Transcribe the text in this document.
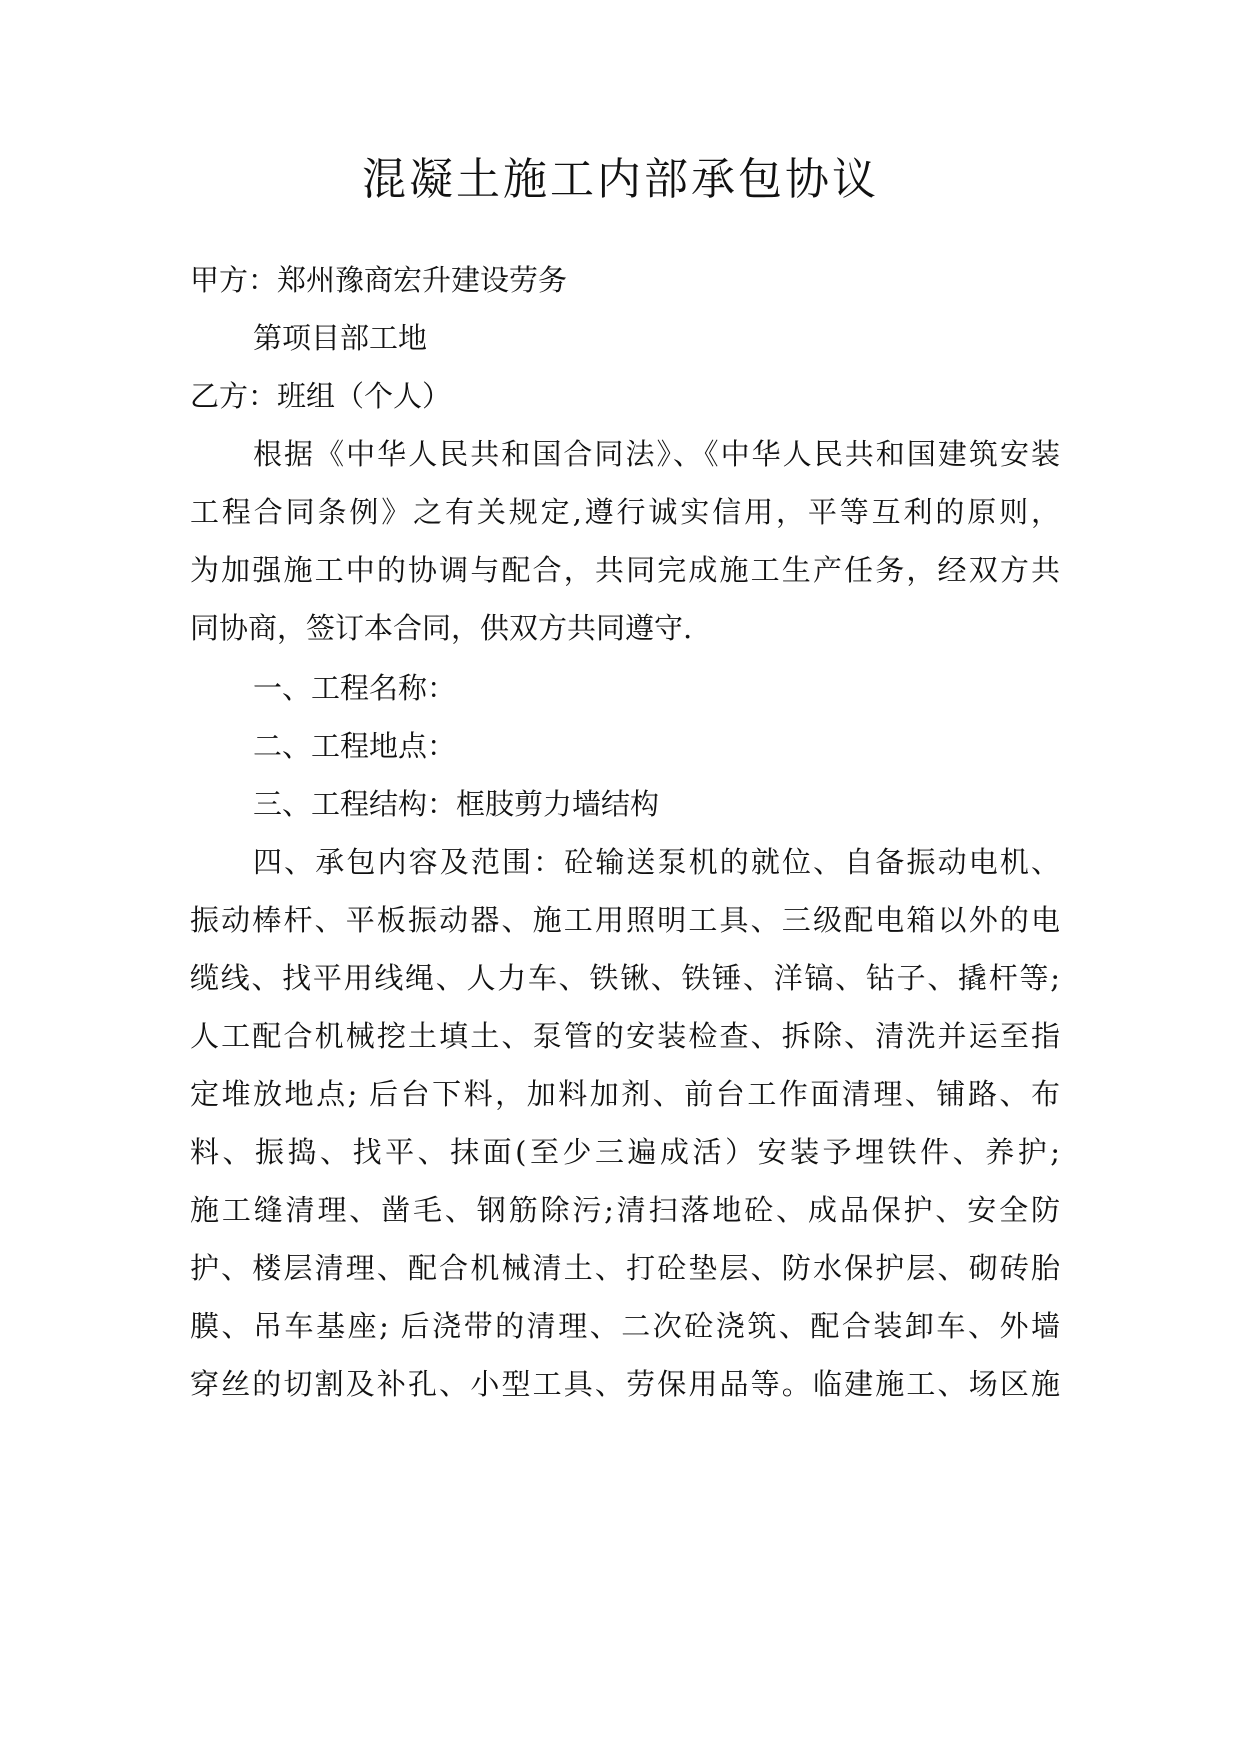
混凝土施工内部承包协议
甲方：郑州豫商宏升建设劳务
第项目部工地
乙方：班组（个人）
根据《中华人民共和国合同法》、《中华人民共和国建筑安装
工程合同条例》之有关规定,遵行诚实信用，平等互利的原则，
为加强施工中的协调与配合，共同完成施工生产任务，经双方共
同协商，签订本合同，供双方共同遵守.
一、工程名称：
二、工程地点：
三、工程结构：框肢剪力墙结构
四、承包内容及范围：砼输送泵机的就位、自备振动电机、
振动棒杆、平板振动器、施工用照明工具、三级配电箱以外的电
缆线、找平用线绳、人力车、铁锹、铁锤、洋镐、钻子、撬杆等;
人工配合机械挖土填土、泵管的安装检查、拆除、清洗并运至指
定堆放地点; 后台下料，加料加剂、前台工作面清理、铺路、布
料、振捣、找平、抹面(至少三遍成活）安装予埋铁件、养护;
施工缝清理、凿毛、钢筋除污;清扫落地砼、成品保护、安全防
护、楼层清理、配合机械清土、打砼垫层、防水保护层、砌砖胎
膜、吊车基座; 后浇带的清理、二次砼浇筑、配合装卸车、外墙
穿丝的切割及补孔、小型工具、劳保用品等。临建施工、场区施
